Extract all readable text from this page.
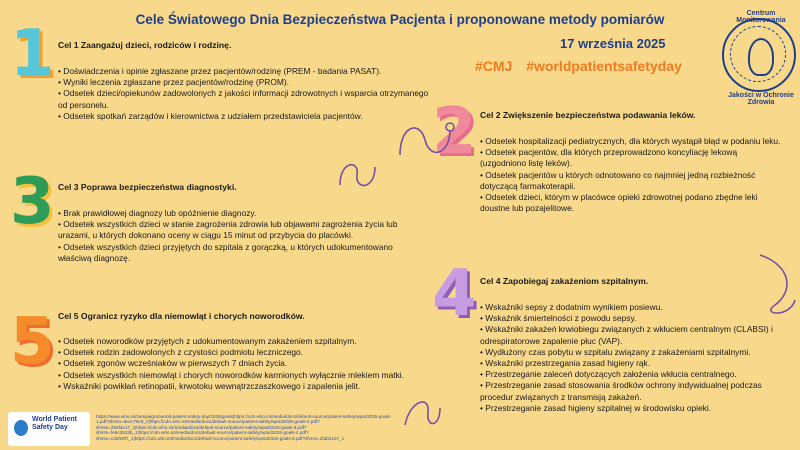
Cele Światowego Dnia Bezpieczeństwa Pacjenta i proponowane metody pomiarów
17 września 2025
#CMJ #worldpatientsafetyday
Centrum Monitorowania
Jakości w Ochronie Zdrowia
1
2
3
4
5
Cel 1 Zaangażuj dzieci, rodziców i rodzinę.
• Doświadczenia i opinie zgłaszane przez pacjentów/rodzinę (PREM - badania PASAT).
• Wyniki leczenia zgłaszane przez pacjentów/rodzinę (PROM).
• Odsetek dzieci/opiekunów zadowolonych z jakości informacji zdrowotnych i wsparcia otrzymanego od personelu.
• Odsetek spotkań zarządów i kierownictwa z udziałem przedstawiciela pacjentów.	Cel 2 Zwiększenie bezpieczeństwa podawania leków.
• Odsetek hospitalizacji pediatrycznych, dla których wystąpił błąd w podaniu leku.
• Odsetek pacjentów, dla których przeprowadzono koncyliację lekową (uzgodniono listę leków).
• Odsetek pacjentów u których odnotowano co najmniej jedną rozbieżność dotyczącą farmakoterapii.
• Odsetek dzieci, którym w placówce opieki zdrowotnej podano zbędne leki doustne lub pozajelitowe.
Cel 3 Poprawa bezpieczeństwa diagnostyki.
• Brak prawidłowej diagnozy lub opóźnienie diagnozy.
• Odsetek wszystkich dzieci w stanie zagrożenia zdrowia lub objawami zagrożenia życia lub urazami, u których dokonano oceny w ciągu 15 minut od przybycia do placówki.
• Odsetek wszystkich dzieci przyjętych do szpitala z gorączką, u których udokumentowano właściwą diagnozę.
Cel 4 Zapobiegaj zakażeniom szpitalnym.
• Wskaźniki sepsy z dodatnim wynikiem posiewu.
• Wskaźnik śmiertelności z powodu sepsy.
• Wskaźniki zakażeń krwiobiegu związanych z wkłuciem centralnym (CLABSI) i odrespiratorowe zapalenie płuc (VAP).
• Wydłużony czas pobytu w szpitalu związany z zakażeniami szpitalnymi.
• Wskaźniki przestrzegania zasad higieny rąk.
• Przestrzeganie zaleceń dotyczących założenia wkłucia centralnego.
• Przestrzeganie zasad stosowania środków ochrony indywidualnej podczas procedur związanych z transmisją zakażeń.
• Przestrzeganie zasad higieny szpitalnej w środowisku opieki.
Cel 5 Ogranicz ryzyko dla niemowląt i chorych noworodków.
• Odsetek noworodków przyjętych z udokumentowanym zakażeniem szpitalnym.
• Odsetek rodzin zadowolonych z czystości podmiotu leczniczego.
• Odsetek zgonów wcześniaków w pierwszych 7 dniach życia.
• Odsetek wszystkich niemowląt i chorych noworodków karmionych wyłącznie mlekiem matki.
• Wskaźniki powikłań retinopatii, krwotoku wewnątrzczaszkowego i zapalenia jelit.
World Patient Safety Day
https://www.who.int/campaigns/world-patient-safety-day/2025/goals|https://cdn.who.int/media/docs/default-source/patient-safety/wpsd2025-goals-1.pdf?sfvrsn=5ecc78c8_2|https://cdn.who.int/media/docs/default-source/patient-safety/wpsd2025-goals-2.pdf?sfvrsn=2b5f2e17_1|https://cdn.who.int/media/docs/default-source/patient-safety/wpsd2025-goals-3.pdf?sfvrsn=fe8c0913b_1|https://cdn.who.int/media/docs/default-source/patient-safety/wpsd2025-goals-4.pdf?sfvrsn=c25fe8f7_1|https://cdn.who.int/media/docs/default-source/patient-safety/wpsd2025-goals-5.pdf?sfvrsn=2fab2107_1
